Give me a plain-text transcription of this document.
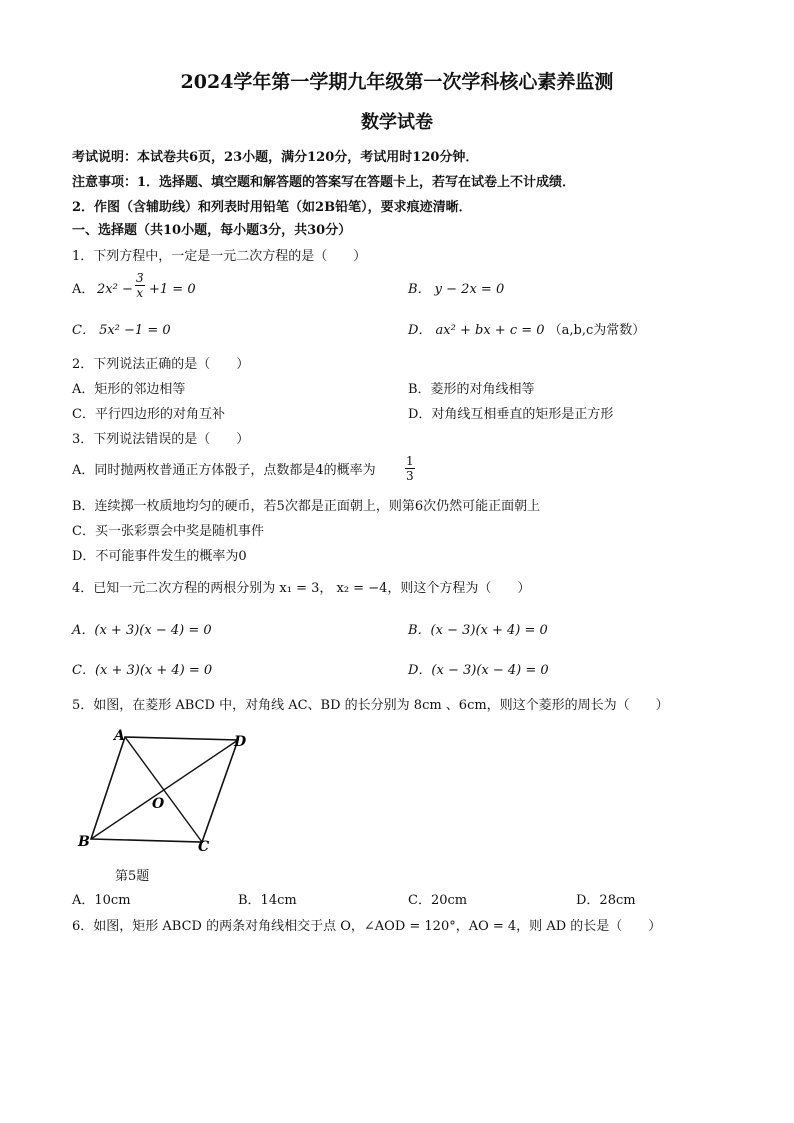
2024学年第一学期九年级第一次学科核心素养监测
数学试卷
考试说明：本试卷共6页，23小题，满分120分，考试用时120分钟．
注意事项：1．选择题、填空题和解答题的答案写在答题卡上，若写在试卷上不计成绩．
2．作图（含辅助线）和列表时用铅笔（如2B铅笔），要求痕迹清晰．
一、选择题（共10小题，每小题3分，共30分）
1．下列方程中，一定是一元二次方程的是（　　）
A． $2x^2 - \frac{3}{x} +1 = 0$	B． y − 2x = 0
C． 5x² −1 = 0	D． ax² + bx + c = 0 （a,b,c为常数）
2．下列说法正确的是（　　）
A．矩形的邻边相等	B．菱形的对角线相等
C．平行四边形的对角互补	D．对角线互相垂直的矩形是正方形
3．下列说法错误的是（　　）
A．同时抛两枚普通正方体骰子，点数都是4的概率为 $\frac{1}{3}$
B．连续掷一枚质地均匀的硬币，若5次都是正面朝上，则第6次仍然可能正面朝上
C．买一张彩票会中奖是随机事件
D．不可能事件发生的概率为0
4．已知一元二次方程的两根分别为 x₁ = 3， x₂ = −4，则这个方程为（　　）
A．(x + 3)(x − 4) = 0	B．(x − 3)(x + 4) = 0
C．(x + 3)(x + 4) = 0	D．(x − 3)(x − 4) = 0
5．如图，在菱形 ABCD 中，对角线 AC、BD 的长分别为 8cm 、6cm，则这个菱形的周长为（　　）
A	D
O
B	C
第5题
A．10cm	B．14cm	C．20cm	D．28cm
6．如图，矩形 ABCD 的两条对角线相交于点 O，∠AOD = 120°，AO = 4，则 AD 的长是（　　）
